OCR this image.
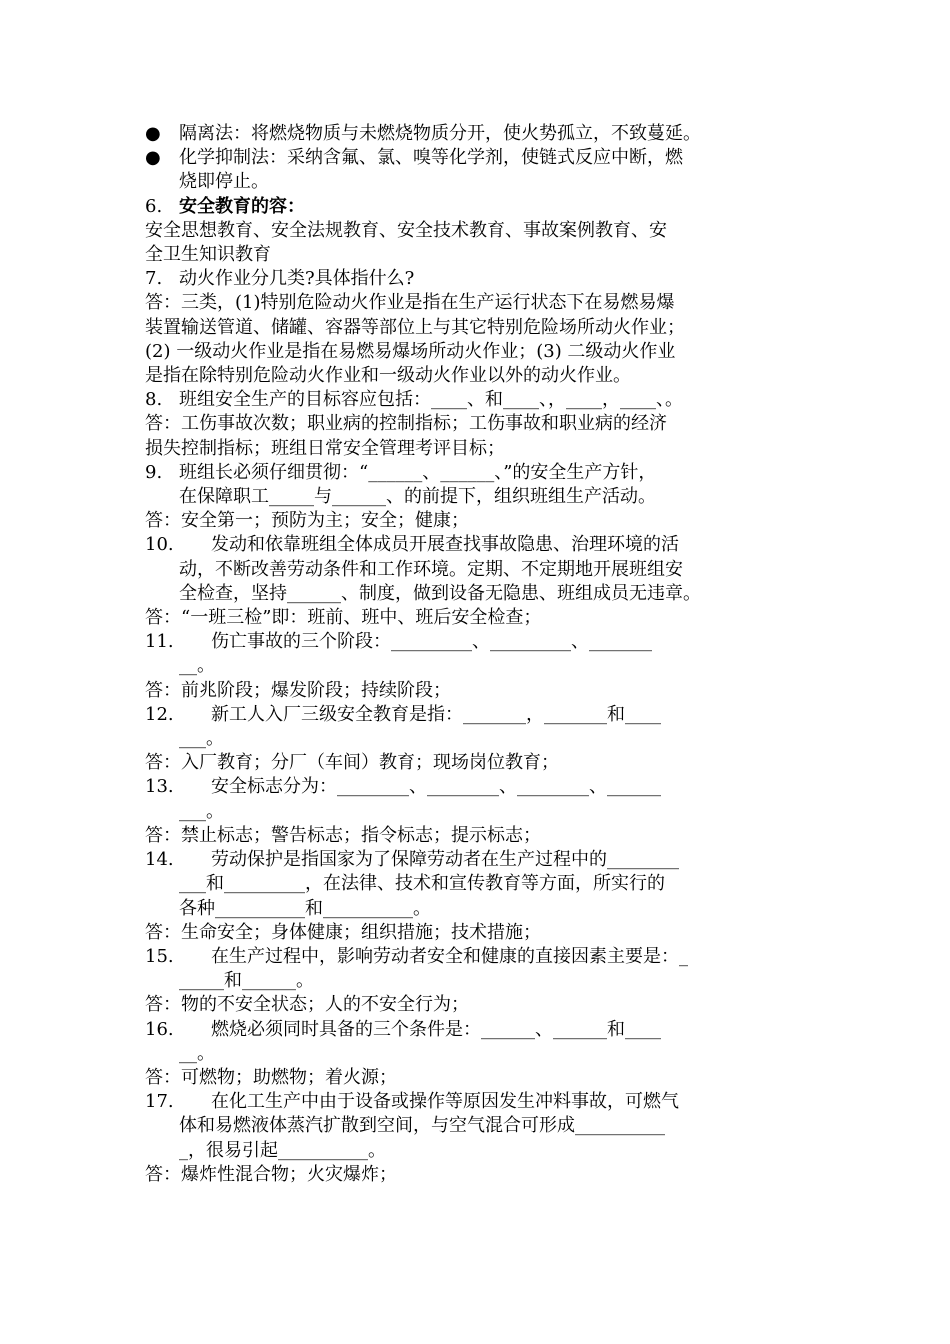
●	隔离法：将燃烧物质与未燃烧物质分开，使火势孤立，不致蔓延。
●	化学抑制法：采纳含氟、氯、嗅等化学剂，使链式反应中断，燃
烧即停止。
6. 安全教育的容：
安全思想教育、安全法规教育、安全技术教育、事故案例教育、安
全卫生知识教育
7. 动火作业分几类?具体指什么?
答：三类，(1)特别危险动火作业是指在生产运行状态下在易燃易爆
装置输送管道、储罐、容器等部位上与其它特别危险场所动火作业；
(2) 一级动火作业是指在易燃易爆场所动火作业；(3) 二级动火作业
是指在除特别危险动火作业和一级动火作业以外的动火作业。
8. 班组安全生产的目标容应包括：____、和____、，____，____、。
答：工伤事故次数；职业病的控制指标；工伤事故和职业病的经济
损失控制指标；班组日常安全管理考评目标；
9. 班组长必须仔细贯彻：“______、______、”的安全生产方针，
在保障职工_____与______、的前提下，组织班组生产活动。
答：安全第一；预防为主；安全；健康；
10.	发动和依靠班组全体成员开展查找事故隐患、治理环境的活
动，不断改善劳动条件和工作环境。定期、不定期地开展班组安
全检查，坚持______、制度，做到设备无隐患、班组成员无违章。
答：“一班三检”即：班前、班中、班后安全检查；
11.	伤亡事故的三个阶段：_________、_________、_______
__。
答：前兆阶段；爆发阶段；持续阶段；
12.	新工人入厂三级安全教育是指：_______，_______和____
___。
答：入厂教育；分厂（车间）教育；现场岗位教育；
13.	安全标志分为：________、________、________、______
___。
答：禁止标志；警告标志；指令标志；提示标志；
14.	劳动保护是指国家为了保障劳动者在生产过程中的________
___和_________，在法律、技术和宣传教育等方面，所实行的
各种__________和__________。
答：生命安全；身体健康；组织措施；技术措施；
15.	在生产过程中，影响劳动者安全和健康的直接因素主要是：_
_____和______。
答：物的不安全状态；人的不安全行为；
16.	燃烧必须同时具备的三个条件是：______、______和____
__。
答：可燃物；助燃物；着火源；
17.	在化工生产中由于设备或操作等原因发生冲料事故，可燃气
体和易燃液体蒸汽扩散到空间，与空气混合可形成__________
_，很易引起__________。
答：爆炸性混合物；火灾爆炸；
